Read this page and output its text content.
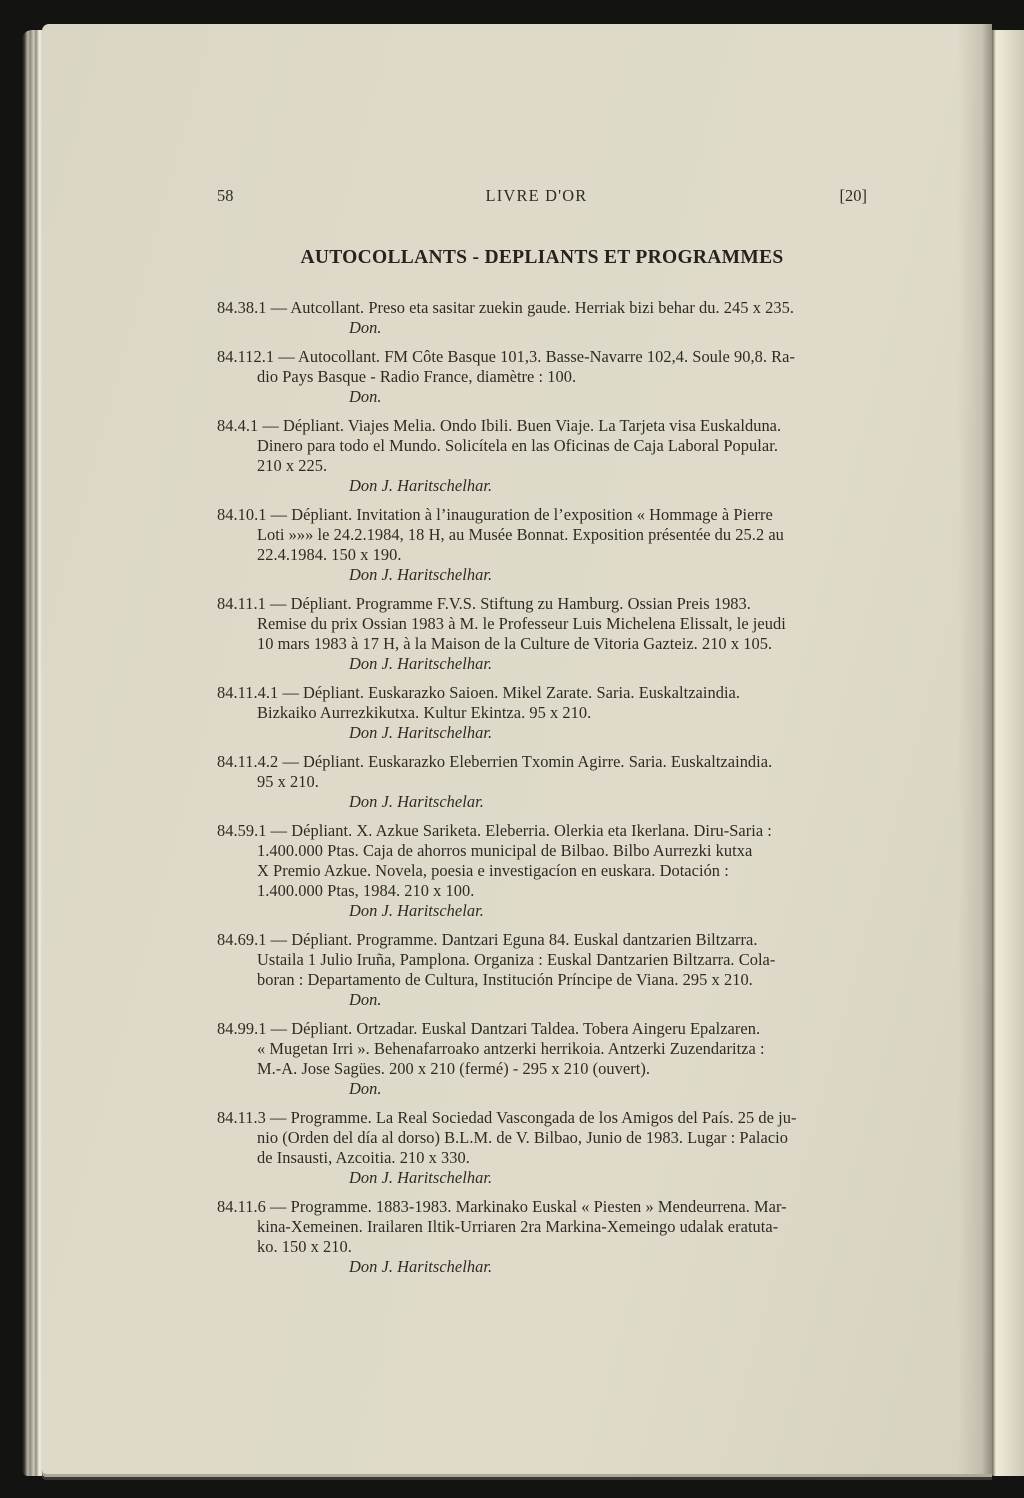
58	LIVRE D'OR	[20]
AUTOCOLLANTS - DEPLIANTS ET PROGRAMMES
84.38.1 — Autcollant. Preso eta sasitar zuekin gaude. Herriak bizi behar du. 245 x 235.
Don.
84.112.1 — Autocollant. FM Côte Basque 101,3. Basse-Navarre 102,4. Soule 90,8. Ra-
dio Pays Basque - Radio France, diamètre : 100.
Don.
84.4.1 — Dépliant. Viajes Melia. Ondo Ibili. Buen Viaje. La Tarjeta visa Euskalduna.
Dinero para todo el Mundo. Solicítela en las Oficinas de Caja Laboral Popular.
210 x 225.
Don J. Haritschelhar.
84.10.1 — Dépliant. Invitation à l’inauguration de l’exposition « Hommage à Pierre
Loti »»» le 24.2.1984, 18 H, au Musée Bonnat. Exposition présentée du 25.2 au
22.4.1984. 150 x 190.
Don J. Haritschelhar.
84.11.1 — Dépliant. Programme F.V.S. Stiftung zu Hamburg. Ossian Preis 1983.
Remise du prix Ossian 1983 à M. le Professeur Luis Michelena Elissalt, le jeudi
10 mars 1983 à 17 H, à la Maison de la Culture de Vitoria Gazteiz. 210 x 105.
Don J. Haritschelhar.
84.11.4.1 — Dépliant. Euskarazko Saioen. Mikel Zarate. Saria. Euskaltzaindia.
Bizkaiko Aurrezkikutxa. Kultur Ekintza. 95 x 210.
Don J. Haritschelhar.
84.11.4.2 — Dépliant. Euskarazko Eleberrien Txomin Agirre. Saria. Euskaltzaindia.
95 x 210.
Don J. Haritschelar.
84.59.1 — Dépliant. X. Azkue Sariketa. Eleberria. Olerkia eta Ikerlana. Diru-Saria :
1.400.000 Ptas. Caja de ahorros municipal de Bilbao. Bilbo Aurrezki kutxa
X Premio Azkue. Novela, poesia e investigacíon en euskara. Dotación :
1.400.000 Ptas, 1984. 210 x 100.
Don J. Haritschelar.
84.69.1 — Dépliant. Programme. Dantzari Eguna 84. Euskal dantzarien Biltzarra.
Ustaila 1 Julio Iruña, Pamplona. Organiza : Euskal Dantzarien Biltzarra. Cola-
boran : Departamento de Cultura, Institución Príncipe de Viana. 295 x 210.
Don.
84.99.1 — Dépliant. Ortzadar. Euskal Dantzari Taldea. Tobera Aingeru Epalzaren.
« Mugetan Irri ». Behenafarroako antzerki herrikoia. Antzerki Zuzendaritza :
M.-A. Jose Sagües. 200 x 210 (fermé) - 295 x 210 (ouvert).
Don.
84.11.3 — Programme. La Real Sociedad Vascongada de los Amigos del País. 25 de ju-
nio (Orden del día al dorso) B.L.M. de V. Bilbao, Junio de 1983. Lugar : Palacio
de Insausti, Azcoitia. 210 x 330.
Don J. Haritschelhar.
84.11.6 — Programme. 1883-1983. Markinako Euskal « Piesten » Mendeurrena. Mar-
kina-Xemeinen. Irailaren Iltik-Urriaren 2ra Markina-Xemeingo udalak eratuta-
ko. 150 x 210.
Don J. Haritschelhar.
